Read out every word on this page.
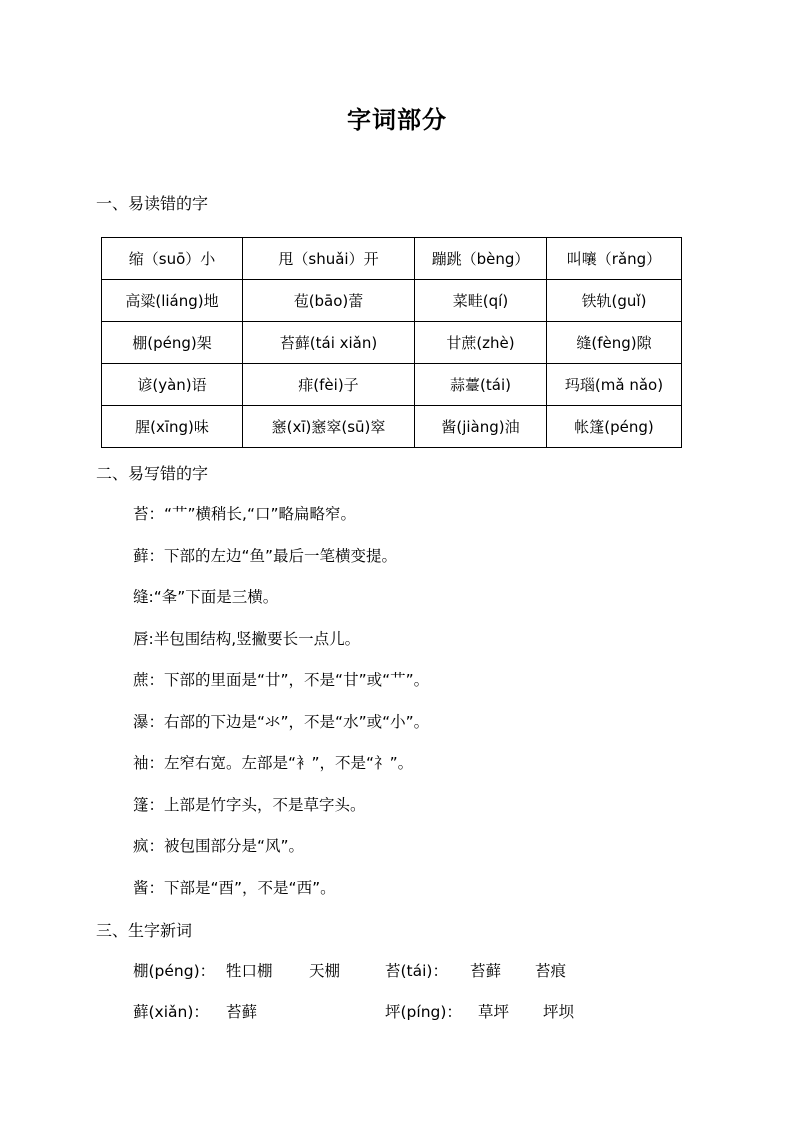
字词部分
一、易读错的字
缩（suō）小	甩（shuǎi）开	蹦跳（bèng）	叫嚷（rǎng）
高粱(liáng)地	苞(bāo)蕾	菜畦(qí)	铁轨(guǐ)
棚(péng)架	苔藓(tái xiǎn)	甘蔗(zhè)	缝(fèng)隙
谚(yàn)语	痱(fèi)子	蒜薹(tái)	玛瑙(mǎ nǎo)
腥(xīng)味	窸(xī)窸窣(sū)窣	酱(jiàng)油	帐篷(péng)
二、易写错的字
苔：“艹”横稍长,“口”略扁略窄。
藓：下部的左边“鱼”最后一笔横变提。
缝:“夆”下面是三横。
唇:半包围结构,竖撇要长一点儿。
蔗：下部的里面是“廿”，不是“甘”或“艹”。
瀑：右部的下边是“氺”，不是“水”或“小”。
袖：左窄右宽。左部是“衤”，不是“礻”。
篷：上部是竹字头，不是草字头。
疯：被包围部分是“风”。
酱：下部是“酉”，不是“西”。
三、生字新词
棚(péng)： 牲口棚 天棚	苔(tái)： 苔藓 苔痕
藓(xiǎn)： 苔藓	坪(píng)： 草坪 坪坝
